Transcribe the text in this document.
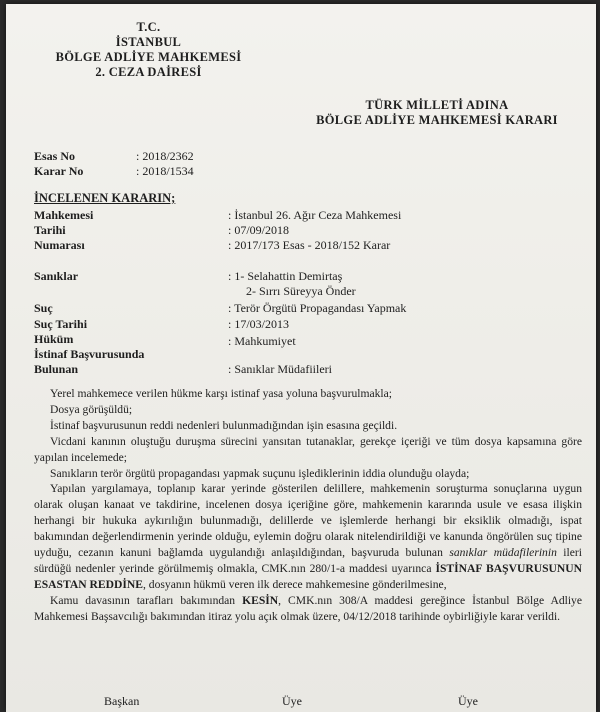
T.C.
İSTANBUL
BÖLGE ADLİYE MAHKEMESİ
2. CEZA DAİRESİ
TÜRK MİLLETİ ADINA
BÖLGE ADLİYE MAHKEMESİ KARARI
Esas No	: 2018/2362
Karar No	: 2018/1534
İNCELENEN KARARIN;
Mahkemesi	: İstanbul 26. Ağır Ceza Mahkemesi
Tarihi	: 07/09/2018
Numarası	: 2017/173 Esas - 2018/152 Karar
Sanıklar	: 1- Selahattin Demirtaş
2- Sırrı Süreyya Önder
Suç	: Terör Örgütü Propagandası Yapmak
Suç Tarihi	: 17/03/2013
Hüküm	: Mahkumiyet
İstinaf Başvurusunda
Bulunan	: Sanıklar Müdafiileri

Yerel mahkemece verilen hükme karşı istinaf yasa yoluna başvurulmakla;

Dosya görüşüldü;

İstinaf başvurusunun reddi nedenleri bulunmadığından işin esasına geçildi.

Vicdani kanının oluştuğu duruşma sürecini yansıtan tutanaklar, gerekçe içeriği ve tüm dosya kapsamına göre yapılan incelemede;

Sanıkların terör örgütü propagandası yapmak suçunu işlediklerinin iddia olunduğu olayda;

Yapılan yargılamaya, toplanıp karar yerinde gösterilen delillere, mahkemenin soruşturma sonuçlarına uygun olarak oluşan kanaat ve takdirine, incelenen dosya içeriğine göre, mahkemenin kararında usule ve esasa ilişkin herhangi bir hukuka aykırılığın bulunmadığı, delillerde ve işlemlerde herhangi bir eksiklik olmadığı, ispat bakımından değerlendirmenin yerinde olduğu, eylemin doğru olarak nitelendirildiği ve kanunda öngörülen suç tipine uyduğu, cezanın kanuni bağlamda uygulandığı anlaşıldığından, başvuruda bulunan sanıklar müdafilerinin ileri sürdüğü nedenler yerinde görülmemiş olmakla, CMK.nın 280/1-a maddesi uyarınca İSTİNAF BAŞVURUSUNUN ESASTAN REDDİNE, dosyanın hükmü veren ilk derece mahkemesine gönderilmesine,

Kamu davasının tarafları bakımından KESİN, CMK.nın 308/A maddesi gereğince İstanbul Bölge Adliye Mahkemesi Başsavcılığı bakımından itiraz yolu açık olmak üzere, 04/12/2018 tarihinde oybirliğiyle karar verildi.

Başkan	Üye	Üye
